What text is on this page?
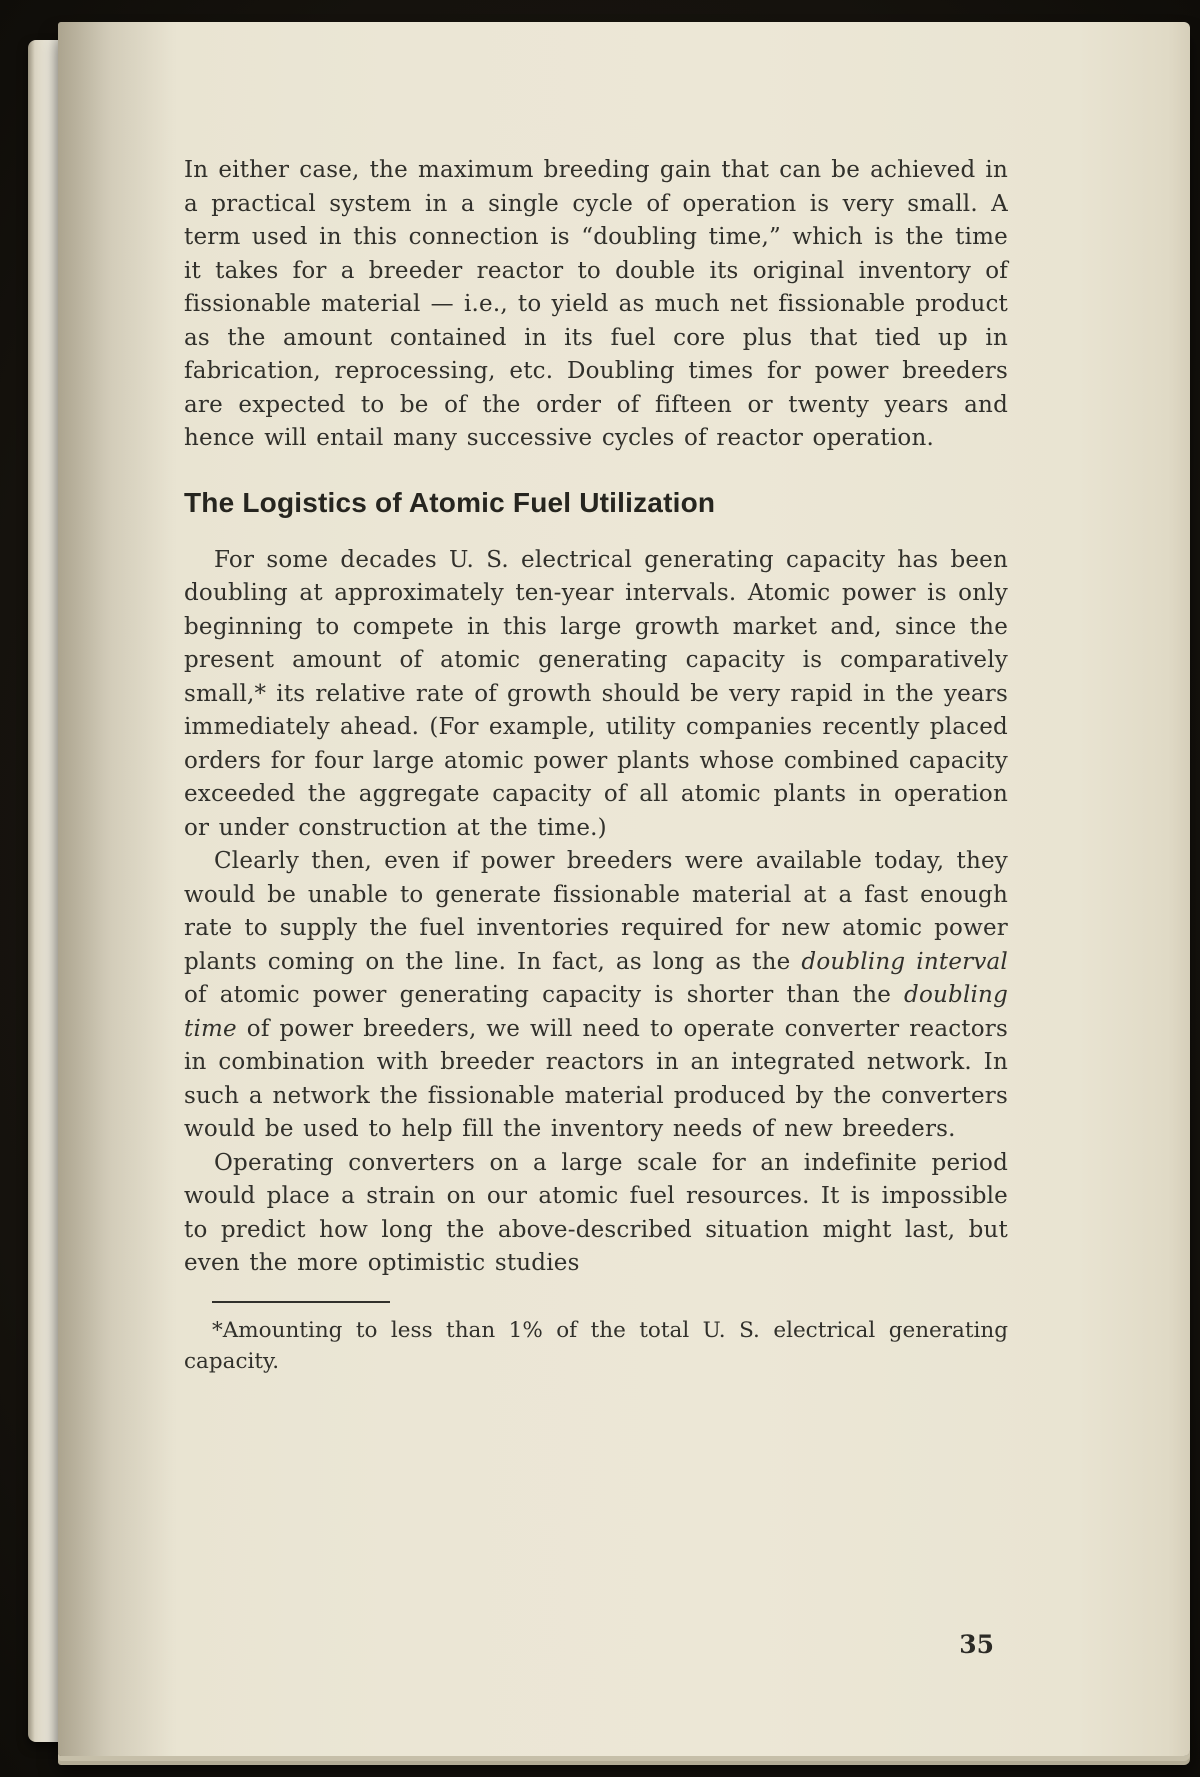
In either case, the maximum breeding gain that can be achieved in a practical system in a single cycle of operation is very small. A term used in this connection is “doubling time,” which is the time it takes for a breeder reactor to double its original inventory of fissionable material — i.e., to yield as much net fissionable product as the amount contained in its fuel core plus that tied up in fabrication, reprocessing, etc. Doubling times for power breeders are expected to be of the order of fifteen or twenty years and hence will entail many successive cycles of reactor operation.

The Logistics of Atomic Fuel Utilization

For some decades U. S. electrical generating capacity has been doubling at approximately ten-year intervals. Atomic power is only beginning to compete in this large growth market and, since the present amount of atomic generating capacity is comparatively small,* its relative rate of growth should be very rapid in the years immediately ahead. (For example, utility companies recently placed orders for four large atomic power plants whose combined capacity exceeded the aggregate capacity of all atomic plants in operation or under construction at the time.)

Clearly then, even if power breeders were available today, they would be unable to generate fissionable material at a fast enough rate to supply the fuel inventories required for new atomic power plants coming on the line. In fact, as long as the doubling interval of atomic power generating capacity is shorter than the doubling time of power breeders, we will need to operate converter reactors in combination with breeder reactors in an integrated network. In such a network the fissionable material produced by the converters would be used to help fill the inventory needs of new breeders.

Operating converters on a large scale for an indefinite period would place a strain on our atomic fuel resources. It is impossible to predict how long the above-described situation might last, but even the more optimistic studies

*Amounting to less than 1% of the total U. S. electrical generating capacity.

35
